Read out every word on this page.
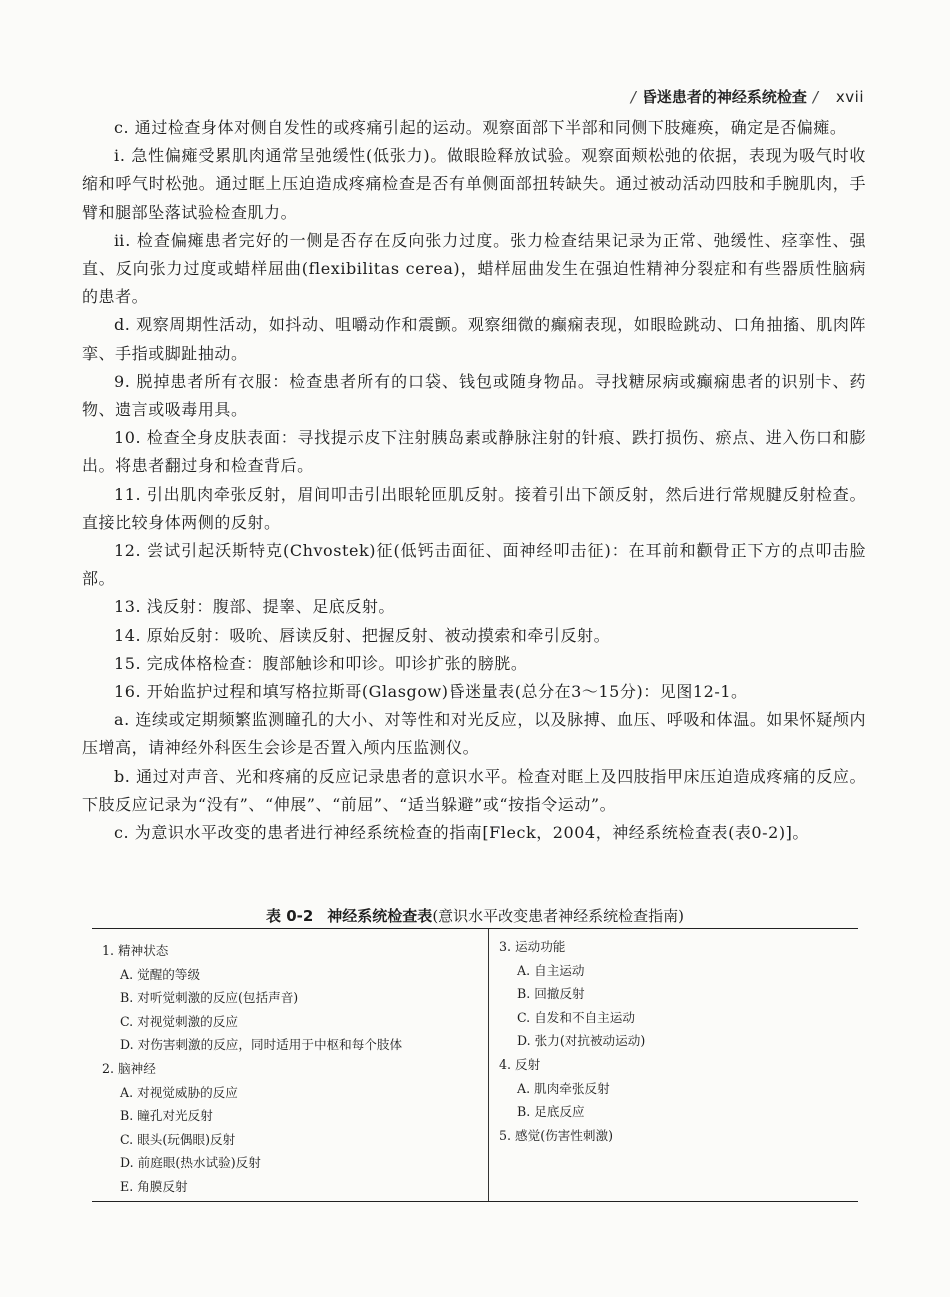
/ 昏迷患者的神经系统检查 / xvii

c. 通过检查身体对侧自发性的或疼痛引起的运动。观察面部下半部和同侧下肢瘫痪，确定是否偏瘫。

ⅰ. 急性偏瘫受累肌肉通常呈弛缓性(低张力)。做眼睑释放试验。观察面颊松弛的依据，表现为吸气时收缩和呼气时松弛。通过眶上压迫造成疼痛检查是否有单侧面部扭转缺失。通过被动活动四肢和手腕肌肉，手臂和腿部坠落试验检查肌力。

ⅱ. 检查偏瘫患者完好的一侧是否存在反向张力过度。张力检查结果记录为正常、弛缓性、痉挛性、强直、反向张力过度或蜡样屈曲(flexibilitas cerea)，蜡样屈曲发生在强迫性精神分裂症和有些器质性脑病的患者。

d. 观察周期性活动，如抖动、咀嚼动作和震颤。观察细微的癫痫表现，如眼睑跳动、口角抽搐、肌肉阵挛、手指或脚趾抽动。

9. 脱掉患者所有衣服：检查患者所有的口袋、钱包或随身物品。寻找糖尿病或癫痫患者的识别卡、药物、遗言或吸毒用具。

10. 检查全身皮肤表面：寻找提示皮下注射胰岛素或静脉注射的针痕、跌打损伤、瘀点、进入伤口和膨出。将患者翻过身和检查背后。

11. 引出肌肉牵张反射，眉间叩击引出眼轮匝肌反射。接着引出下颌反射，然后进行常规腱反射检查。直接比较身体两侧的反射。

12. 尝试引起沃斯特克(Chvostek)征(低钙击面征、面神经叩击征)：在耳前和颧骨正下方的点叩击脸部。

13. 浅反射：腹部、提睾、足底反射。

14. 原始反射：吸吮、唇读反射、把握反射、被动摸索和牵引反射。

15. 完成体格检查：腹部触诊和叩诊。叩诊扩张的膀胱。

16. 开始监护过程和填写格拉斯哥(Glasgow)昏迷量表(总分在3～15分)：见图12-1。

a. 连续或定期频繁监测瞳孔的大小、对等性和对光反应，以及脉搏、血压、呼吸和体温。如果怀疑颅内压增高，请神经外科医生会诊是否置入颅内压监测仪。

b. 通过对声音、光和疼痛的反应记录患者的意识水平。检查对眶上及四肢指甲床压迫造成疼痛的反应。下肢反应记录为“没有”、“伸展”、“前屈”、“适当躲避”或“按指令运动”。

c. 为意识水平改变的患者进行神经系统检查的指南[Fleck，2004，神经系统检查表(表0-2)]。

表 0-2 神经系统检查表(意识水平改变患者神经系统检查指南)

1. 精神状态

A. 觉醒的等级

B. 对听觉刺激的反应(包括声音)

C. 对视觉刺激的反应

D. 对伤害刺激的反应，同时适用于中枢和每个肢体

2. 脑神经

A. 对视觉威胁的反应

B. 瞳孔对光反射

C. 眼头(玩偶眼)反射

D. 前庭眼(热水试验)反射

E. 角膜反射

3. 运动功能

A. 自主运动

B. 回撤反射

C. 自发和不自主运动

D. 张力(对抗被动运动)

4. 反射

A. 肌肉牵张反射

B. 足底反应

5. 感觉(伤害性刺激)
